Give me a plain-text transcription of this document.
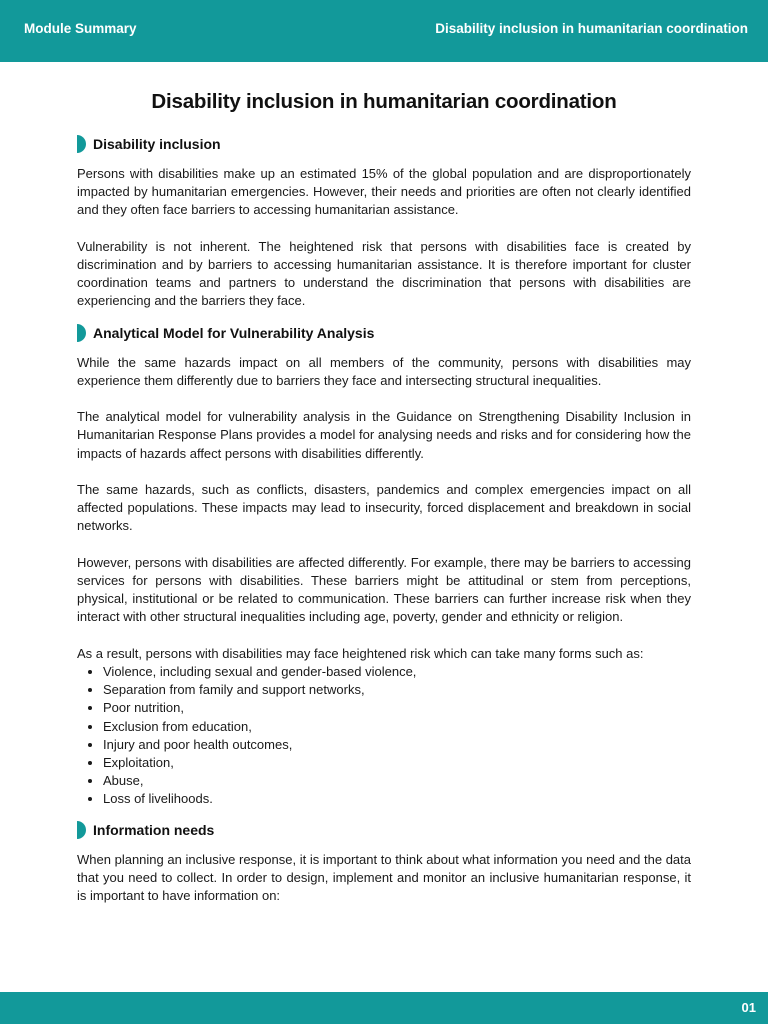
Module Summary	Disability inclusion in humanitarian coordination
Disability inclusion in humanitarian coordination
Disability inclusion

Persons with disabilities make up an estimated 15% of the global population and are disproportionately impacted by humanitarian emergencies. However, their needs and priorities are often not clearly identified and they often face barriers to accessing humanitarian assistance.

Vulnerability is not inherent. The heightened risk that persons with disabilities face is created by discrimination and by barriers to accessing humanitarian assistance. It is therefore important for cluster coordination teams and partners to understand the discrimination that persons with disabilities are experiencing and the barriers they face.

Analytical Model for Vulnerability Analysis

While the same hazards impact on all members of the community, persons with disabilities may experience them differently due to barriers they face and intersecting structural inequalities.

The analytical model for vulnerability analysis in the Guidance on Strengthening Disability Inclusion in Humanitarian Response Plans provides a model for analysing needs and risks and for considering how the impacts of hazards affect persons with disabilities differently.

The same hazards, such as conflicts, disasters, pandemics and complex emergencies impact on all affected populations. These impacts may lead to insecurity, forced displacement and breakdown in social networks.

However, persons with disabilities are affected differently. For example, there may be barriers to accessing services for persons with disabilities. These barriers might be attitudinal or stem from perceptions, physical, institutional or be related to communication. These barriers can further increase risk when they interact with other structural inequalities including age, poverty, gender and ethnicity or religion.

As a result, persons with disabilities may face heightened risk which can take many forms such as:

• Violence, including sexual and gender-based violence,
• Separation from family and support networks,
• Poor nutrition,
• Exclusion from education,
• Injury and poor health outcomes,
• Exploitation,
• Abuse,
• Loss of livelihoods.
Information needs

When planning an inclusive response, it is important to think about what information you need and the data that you need to collect. In order to design, implement and monitor an inclusive humanitarian response, it is important to have information on:

01
